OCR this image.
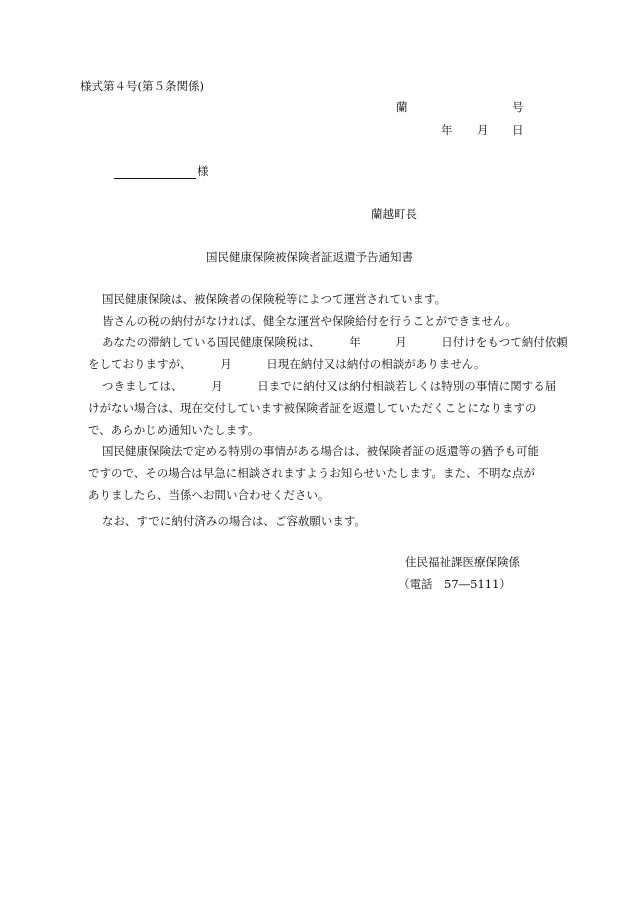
様式第４号(第５条関係)
蘭	号
年 月 日
様
蘭越町長
国民健康保険被保険者証返還予告通知書
国民健康保険は、被保険者の保険税等によつて運営されています。
皆さんの税の納付がなければ、健全な運営や保険給付を行うことができません。
あなたの滞納している国民健康保険税は、　　　年　　　月　　　日付けをもつて納付依頼
をしておりますが、　　　月　　　日現在納付又は納付の相談がありません。
つきましては、　　　月　　　日までに納付又は納付相談若しくは特別の事情に関する届
けがない場合は、現在交付しています被保険者証を返還していただくことになりますの
で、あらかじめ通知いたします。
国民健康保険法で定める特別の事情がある場合は、被保険者証の返還等の猶予も可能
ですので、その場合は早急に相談されますようお知らせいたします。また、不明な点が
ありましたら、当係へお問い合わせください。
なお、すでに納付済みの場合は、ご容赦願います。
住民福祉課医療保険係
（電話　57―5111）
